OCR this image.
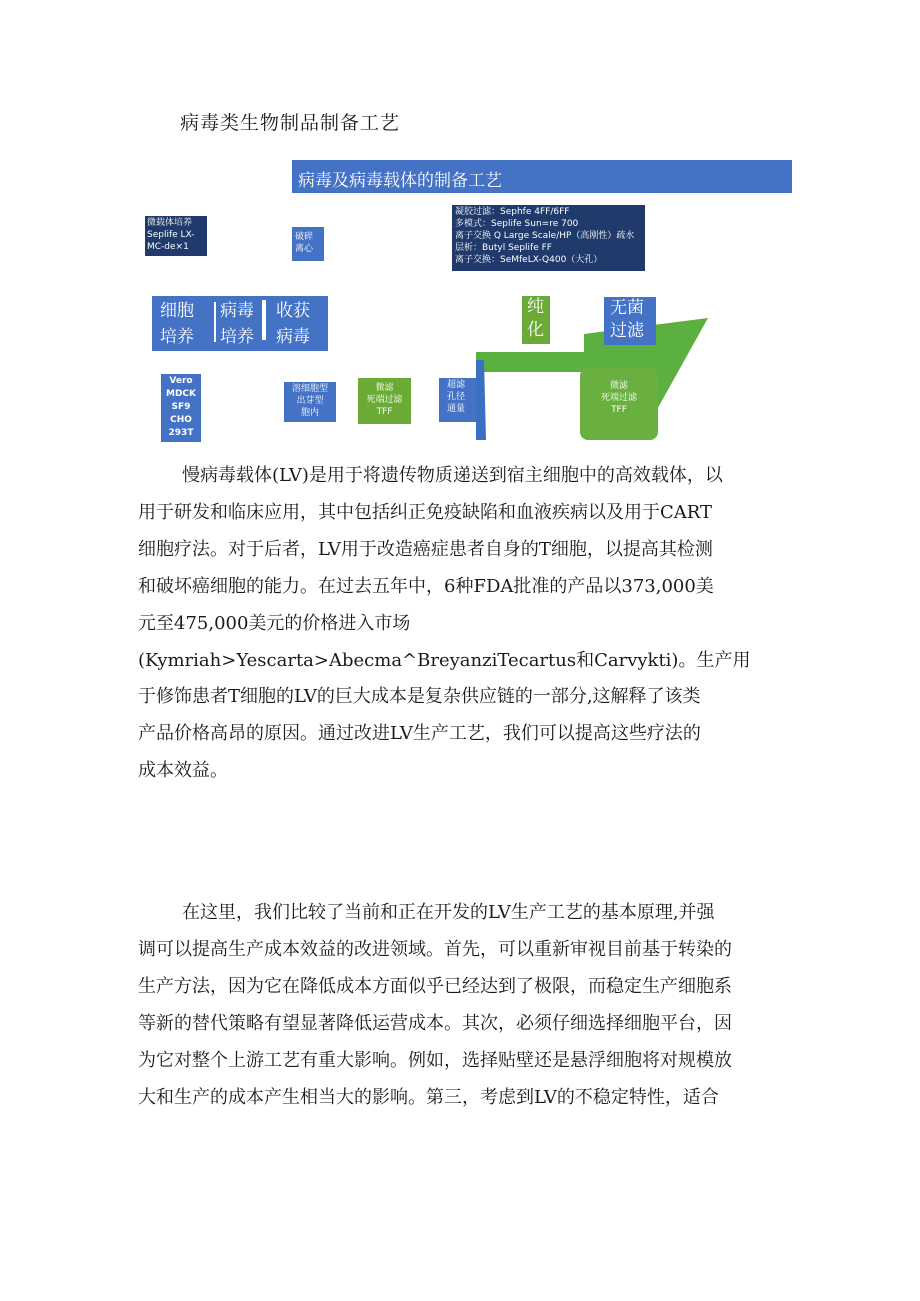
病毒类生物制品制备工艺
病毒及病毒载体的制备工艺
微载体培养
Seplife LX-
MC-de×1
破碎
离心
凝胶过滤：Sephfe 4FF/6FF
多模式：Seplife Sun=re 700
离子交换 Q Large Scale/HP（高刚性）疏水
层析：Butyl Seplife FF
离子交换：SeMfeLX-Q400（大孔）
细胞
培养
病毒
培养
收获
病毒
纯
化
无菌
过滤
Vero
MDCK
SF9
CHO
293T
溶细胞型
出芽型
胞内
微滤
死端过滤
TFF
超滤
孔径
通量
微滤
死端过滤
TFF
慢病毒载体(LV)是用于将遗传物质递送到宿主细胞中的高效载体，以
用于研发和临床应用，其中包括纠正免疫缺陷和血液疾病以及用于CART
细胞疗法。对于后者，LV用于改造癌症患者自身的T细胞，以提高其检测
和破坏癌细胞的能力。在过去五年中，6种FDA批准的产品以373,000美
元至475,000美元的价格进入市场
(Kymriah>Yescarta>Abecma^BreyanziTecartus和Carvykti)。生产用
于修饰患者T细胞的LV的巨大成本是复杂供应链的一部分,这解释了该类
产品价格高昂的原因。通过改进LV生产工艺，我们可以提高这些疗法的
成本效益。
在这里，我们比较了当前和正在开发的LV生产工艺的基本原理,并强
调可以提高生产成本效益的改进领域。首先，可以重新审视目前基于转染的
生产方法，因为它在降低成本方面似乎已经达到了极限，而稳定生产细胞系
等新的替代策略有望显著降低运营成本。其次，必须仔细选择细胞平台，因
为它对整个上游工艺有重大影响。例如，选择贴壁还是悬浮细胞将对规模放
大和生产的成本产生相当大的影响。第三，考虑到LV的不稳定特性，适合
